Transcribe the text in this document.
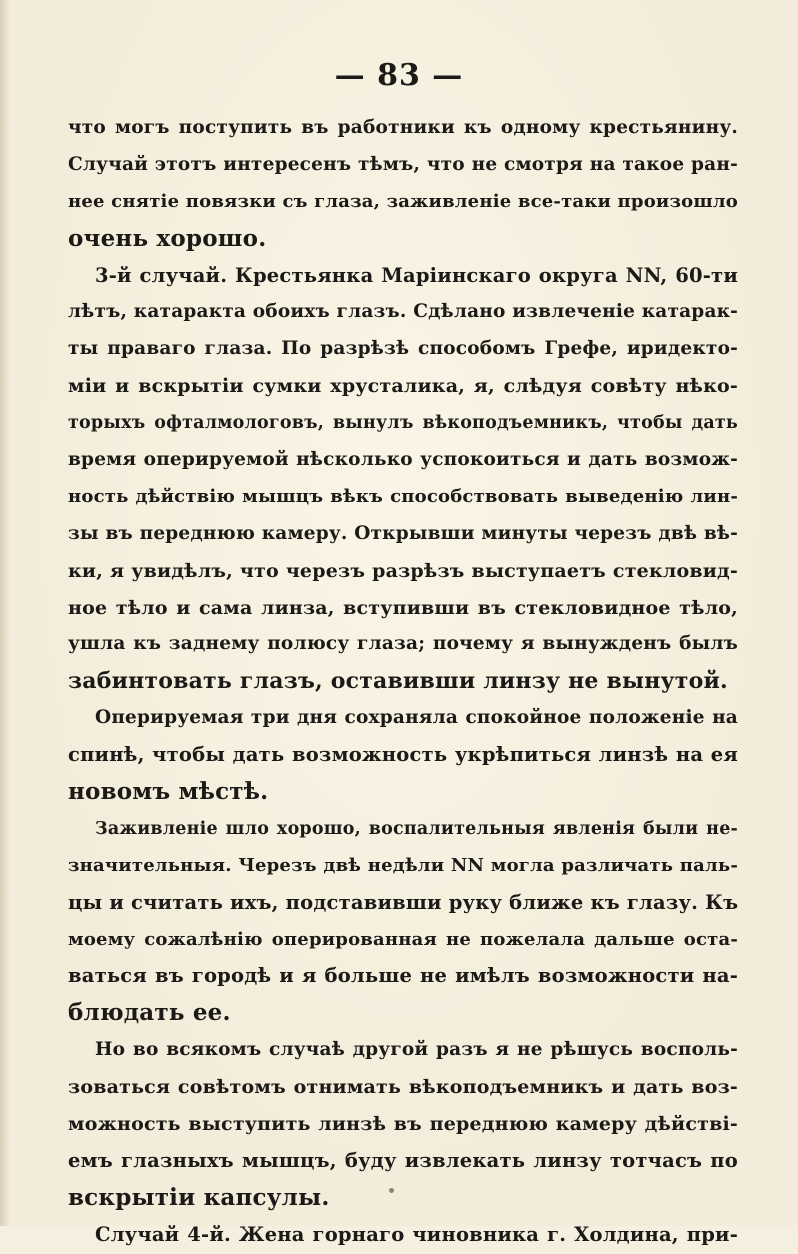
— 83 —
что могъ поступить въ работники къ одному крестьянину.
Случай этотъ интересенъ тѣмъ, что не смотря на такое ран-
нее снятіе повязки съ глаза, заживленіе все-таки произошло
очень хорошо.
3-й случай. Крестьянка Маріинскаго округа NN, 60-ти
лѣтъ, катаракта обоихъ глазъ. Сдѣлано извлеченіе катарак-
ты праваго глаза. По разрѣзѣ способомъ Грефе, иридекто-
міи и вскрытіи сумки хрусталика, я, слѣдуя совѣту нѣко-
торыхъ офталмологовъ, вынулъ вѣкоподъемникъ, чтобы дать
время оперируемой нѣсколько успокоиться и дать возмож-
ность дѣйствію мышцъ вѣкъ способствовать выведенію лин-
зы въ переднюю камеру. Открывши минуты черезъ двѣ вѣ-
ки, я увидѣлъ, что черезъ разрѣзъ выступаетъ стекловид-
ное тѣло и сама линза, вступивши въ стекловидное тѣло,
ушла къ заднему полюсу глаза; почему я вынужденъ былъ
забинтовать глазъ, оставивши линзу не вынутой.
Оперируемая три дня сохраняла спокойное положеніе на
спинѣ, чтобы дать возможность укрѣпиться линзѣ на ея
новомъ мѣстѣ.
Заживленіе шло хорошо, воспалительныя явленія были не-
значительныя. Черезъ двѣ недѣли NN могла различать паль-
цы и считать ихъ, подставивши руку ближе къ глазу. Къ
моему сожалѣнію оперированная не пожелала дальше оста-
ваться въ городѣ и я больше не имѣлъ возможности на-
блюдать ее.
Но во всякомъ случаѣ другой разъ я не рѣшусь восполь-
зоваться совѣтомъ отнимать вѣкоподъемникъ и дать воз-
можность выступить линзѣ въ переднюю камеру дѣйстві-
емъ глазныхъ мышцъ, буду извлекать линзу тотчасъ по
вскрытіи капсулы.
Случай 4-й. Жена горнаго чиновника г. Холдина, при-
